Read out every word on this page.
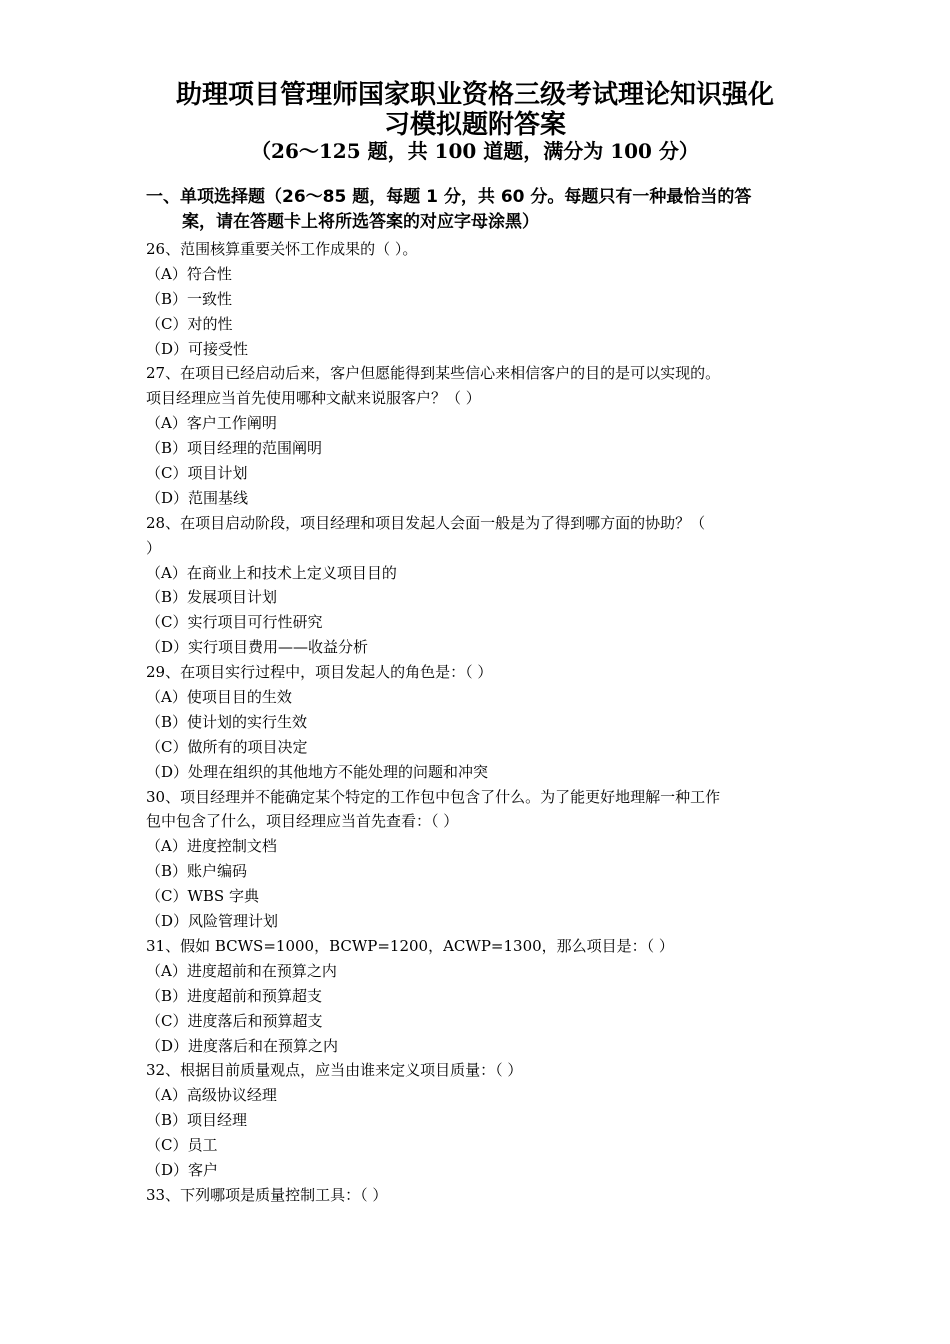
助理项目管理师国家职业资格三级考试理论知识强化
习模拟题附答案
（26～125 题，共 100 道题，满分为 100 分）
一、单项选择题（26～85 题，每题 1 分，共 60 分。每题只有一种最恰当的答
案，请在答题卡上将所选答案的对应字母涂黑）
26、范围核算重要关怀工作成果的（ ）。
（A）符合性
（B）一致性
（C）对的性
（D）可接受性
27、在项目已经启动后来，客户但愿能得到某些信心来相信客户的目的是可以实现的。
项目经理应当首先使用哪种文献来说服客户？（ ）
（A）客户工作阐明
（B）项目经理的范围阐明
（C）项目计划
（D）范围基线
28、在项目启动阶段，项目经理和项目发起人会面一般是为了得到哪方面的协助？（
）
（A）在商业上和技术上定义项目目的
（B）发展项目计划
（C）实行项目可行性研究
（D）实行项目费用——收益分析
29、在项目实行过程中，项目发起人的角色是：（ ）
（A）使项目目的生效
（B）使计划的实行生效
（C）做所有的项目决定
（D）处理在组织的其他地方不能处理的问题和冲突
30、项目经理并不能确定某个特定的工作包中包含了什么。为了能更好地理解一种工作
包中包含了什么，项目经理应当首先查看：（ ）
（A）进度控制文档
（B）账户编码
（C）WBS 字典
（D）风险管理计划
31、假如 BCWS=1000，BCWP=1200，ACWP=1300，那么项目是：（ ）
（A）进度超前和在预算之内
（B）进度超前和预算超支
（C）进度落后和预算超支
（D）进度落后和在预算之内
32、根据目前质量观点，应当由谁来定义项目质量：（ ）
（A）高级协议经理
（B）项目经理
（C）员工
（D）客户
33、下列哪项是质量控制工具：（ ）
